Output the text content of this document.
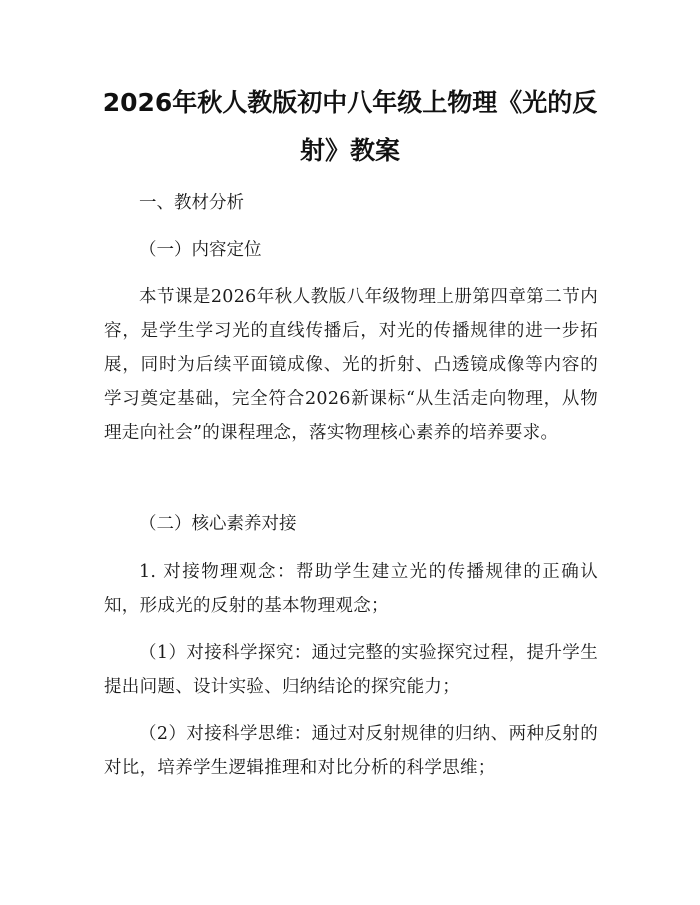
2026年秋人教版初中八年级上物理《光的反
射》教案

一、教材分析

（一）内容定位

本节课是2026年秋人教版八年级物理上册第四章第二节内容，是学生学习光的直线传播后，对光的传播规律的进一步拓展，同时为后续平面镜成像、光的折射、凸透镜成像等内容的学习奠定基础，完全符合2026新课标“从生活走向物理，从物理走向社会”的课程理念，落实物理核心素养的培养要求。

（二）核心素养对接

1. 对接物理观念：帮助学生建立光的传播规律的正确认知，形成光的反射的基本物理观念；

（1）对接科学探究：通过完整的实验探究过程，提升学生提出问题、设计实验、归纳结论的探究能力；

（2）对接科学思维：通过对反射规律的归纳、两种反射的对比，培养学生逻辑推理和对比分析的科学思维；
